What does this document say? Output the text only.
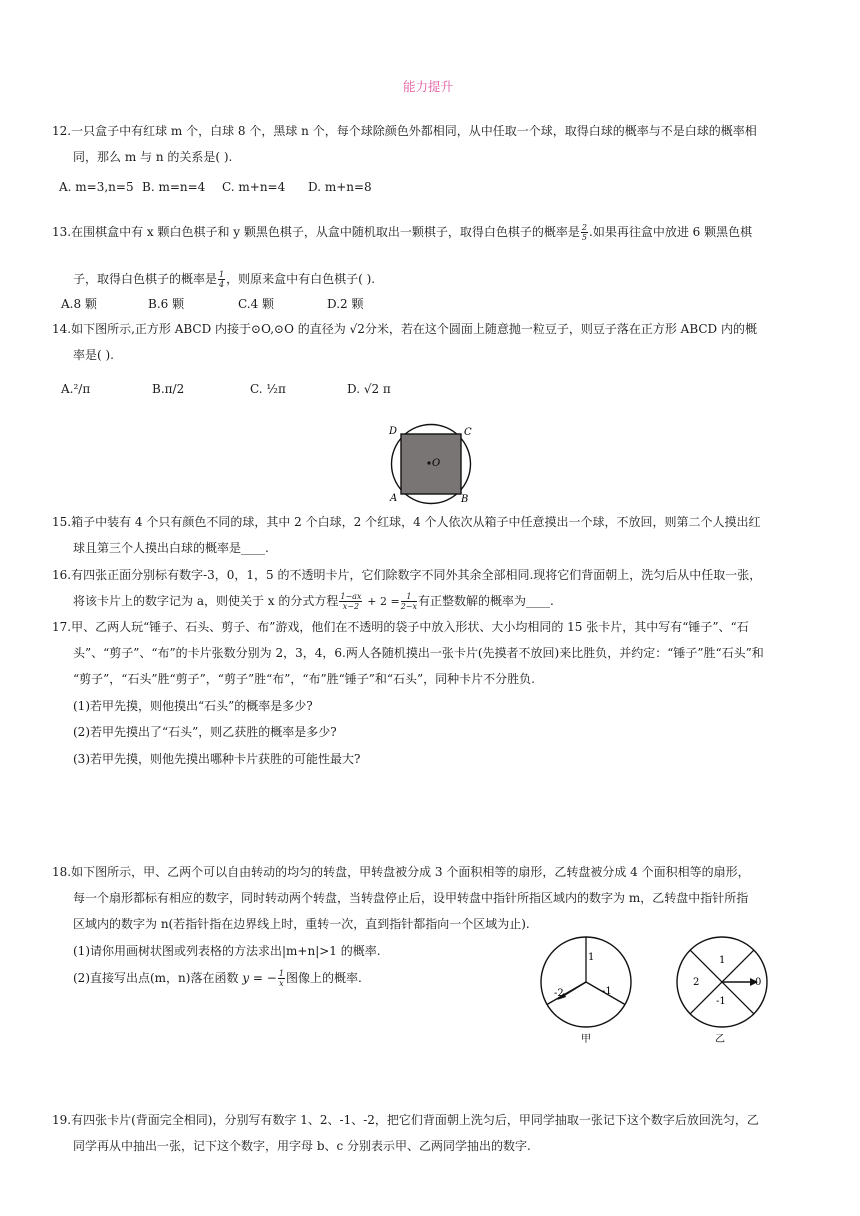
能力提升
12.一只盒子中有红球 m 个，白球 8 个，黑球 n 个，每个球除颜色外都相同，从中任取一个球，取得白球的概率与不是白球的概率相
同，那么 m 与 n 的关系是( ).
A. m=3,n=5 B. m=n=4 C. m+n=4 D. m+n=8
13.在围棋盒中有 x 颗白色棋子和 y 颗黑色棋子，从盒中随机取出一颗棋子，取得白色棋子的概率是 $\frac{2}{5}$ .如果再往盒中放进 6 颗黑色棋
子，取得白色棋子的概率是 $\frac{1}{4}$ ，则原来盒中有白色棋子( ).
A.8 颗	B.6 颗	C.4 颗	D.2 颗
14.如下图所示,正方形 ABCD 内接于⊙O,⊙O 的直径为 √2分米，若在这个圆面上随意抛一粒豆子，则豆子落在正方形 ABCD 内的概
率是( ).
A.²/π	B.π/2	C. ½π	D. √2 π
D	C
O
A	B
15.箱子中装有 4 个只有颜色不同的球，其中 2 个白球，2 个红球，4 个人依次从箱子中任意摸出一个球，不放回，则第二个人摸出红
球且第三个人摸出白球的概率是____.
16.有四张正面分别标有数字-3，0，1，5 的不透明卡片，它们除数字不同外其余全部相同.现将它们背面朝上，洗匀后从中任取一张，
将该卡片上的数字记为 a，则使关于 x 的分式方程 $\frac{1-ax}{x-2} + 2 = \frac{1}{2-x}$ 有正整数解的概率为____.
17.甲、乙两人玩“锤子、石头、剪子、布”游戏，他们在不透明的袋子中放入形状、大小均相同的 15 张卡片，其中写有“锤子”、“石
头”、“剪子”、“布”的卡片张数分别为 2，3，4，6.两人各随机摸出一张卡片(先摸者不放回)来比胜负，并约定：“锤子”胜“石头”和
“剪子”，“石头”胜“剪子”，“剪子”胜“布”，“布”胜“锤子”和“石头”，同种卡片不分胜负.
(1)若甲先摸，则他摸出“石头”的概率是多少?
(2)若甲先摸出了“石头”，则乙获胜的概率是多少?
(3)若甲先摸，则他先摸出哪种卡片获胜的可能性最大?
18.如下图所示，甲、乙两个可以自由转动的均匀的转盘，甲转盘被分成 3 个面积相等的扇形，乙转盘被分成 4 个面积相等的扇形，
每一个扇形都标有相应的数字，同时转动两个转盘，当转盘停止后，设甲转盘中指针所指区域内的数字为 m，乙转盘中指针所指
区域内的数字为 n(若指针指在边界线上时，重转一次，直到指针都指向一个区域为止).
(1)请你用画树状图或列表格的方法求出|m+n|>1 的概率.
(2)直接写出点(m，n)落在函数 y = − $\frac{1}{x}$ 图像上的概率.
1
-1
-2
甲
1
0
-1
2
乙
19.有四张卡片(背面完全相同)，分别写有数字 1、2、-1、-2，把它们背面朝上洗匀后，甲同学抽取一张记下这个数字后放回洗匀，乙
同学再从中抽出一张，记下这个数字，用字母 b、c 分别表示甲、乙两同学抽出的数字.
